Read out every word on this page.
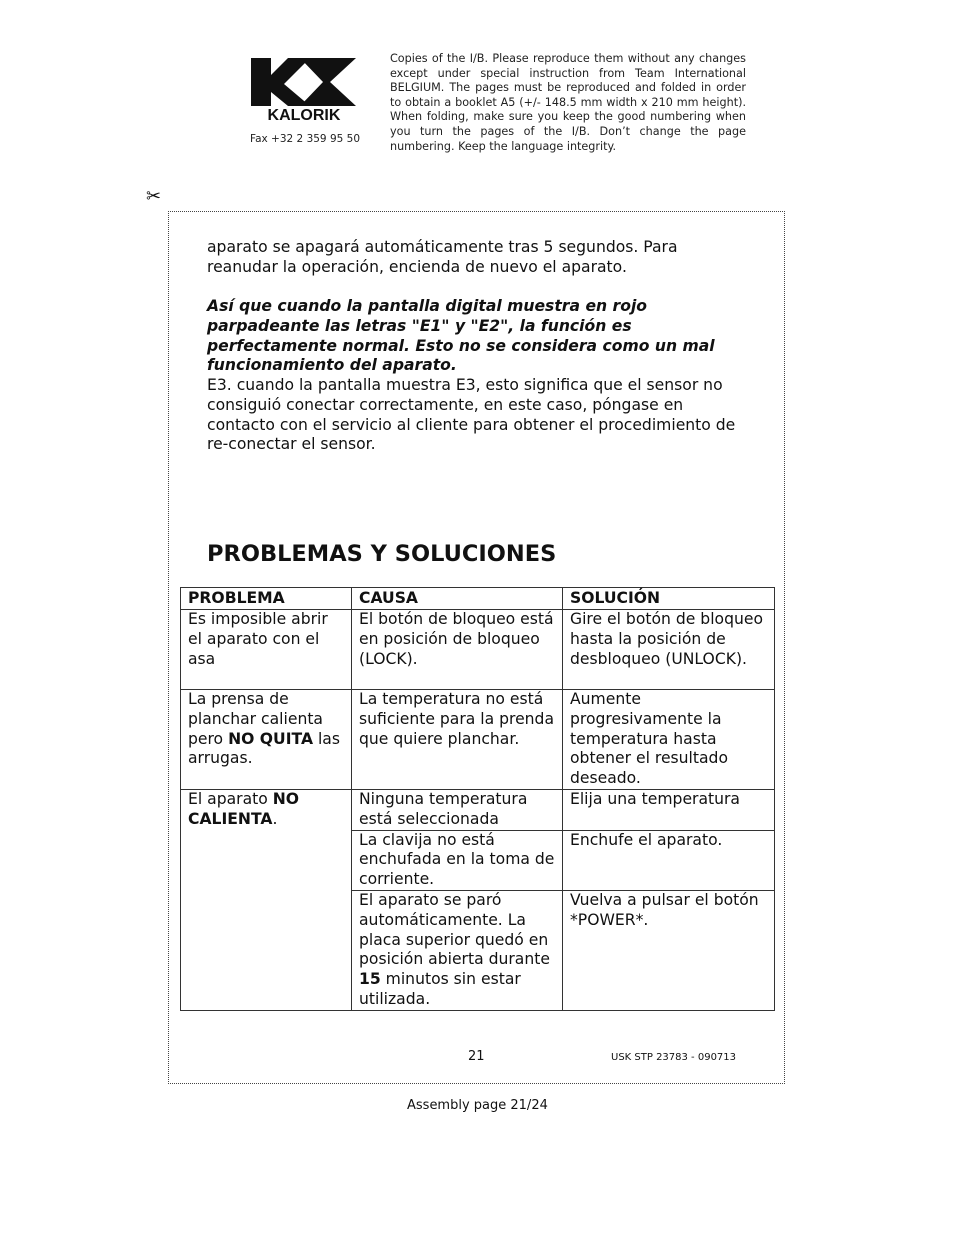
KALORIK
Fax +32 2 359 95 50
Copies of the I/B. Please reproduce them without any changes except under special instruction from Team International BELGIUM. The pages must be reproduced and folded in order to obtain a booklet A5 (+/- 148.5 mm width x 210 mm height). When folding, make sure you keep the good numbering when you turn the pages of the I/B. Don’t change the page numbering. Keep the language integrity.
✂

aparato se apagará automáticamente tras 5 segundos. Para reanudar la operación, encienda de nuevo el aparato.

Así que cuando la pantalla digital muestra en rojo parpadeante las letras "E1" y "E2", la función es perfectamente normal. Esto no se considera como un mal funcionamiento del aparato.

E3. cuando la pantalla muestra E3, esto significa que el sensor no consiguió conectar correctamente, en este caso, póngase en contacto con el servicio al cliente para obtener el procedimiento de re-conectar el sensor.

PROBLEMAS Y SOLUCIONES
PROBLEMA	CAUSA	SOLUCIÓN
Es imposible abrir el aparato con el asa	El botón de bloqueo está en posición de bloqueo (LOCK).	Gire el botón de bloqueo hasta la posición de desbloqueo (UNLOCK).
La prensa de planchar calienta pero NO QUITA las arrugas.	La temperatura no está suficiente para la prenda que quiere planchar.	Aumente progresivamente la temperatura hasta obtener el resultado deseado.
El aparato NO CALIENTA.	Ninguna temperatura está seleccionada	Elija una temperatura
	La clavija no está enchufada en la toma de corriente.	Enchufe el aparato.
	El aparato se paró automáticamente. La placa superior quedó en posición abierta durante 15 minutos sin estar utilizada.	Vuelva a pulsar el botón *POWER*.
21	USK STP 23783 - 090713
Assembly page 21/24
